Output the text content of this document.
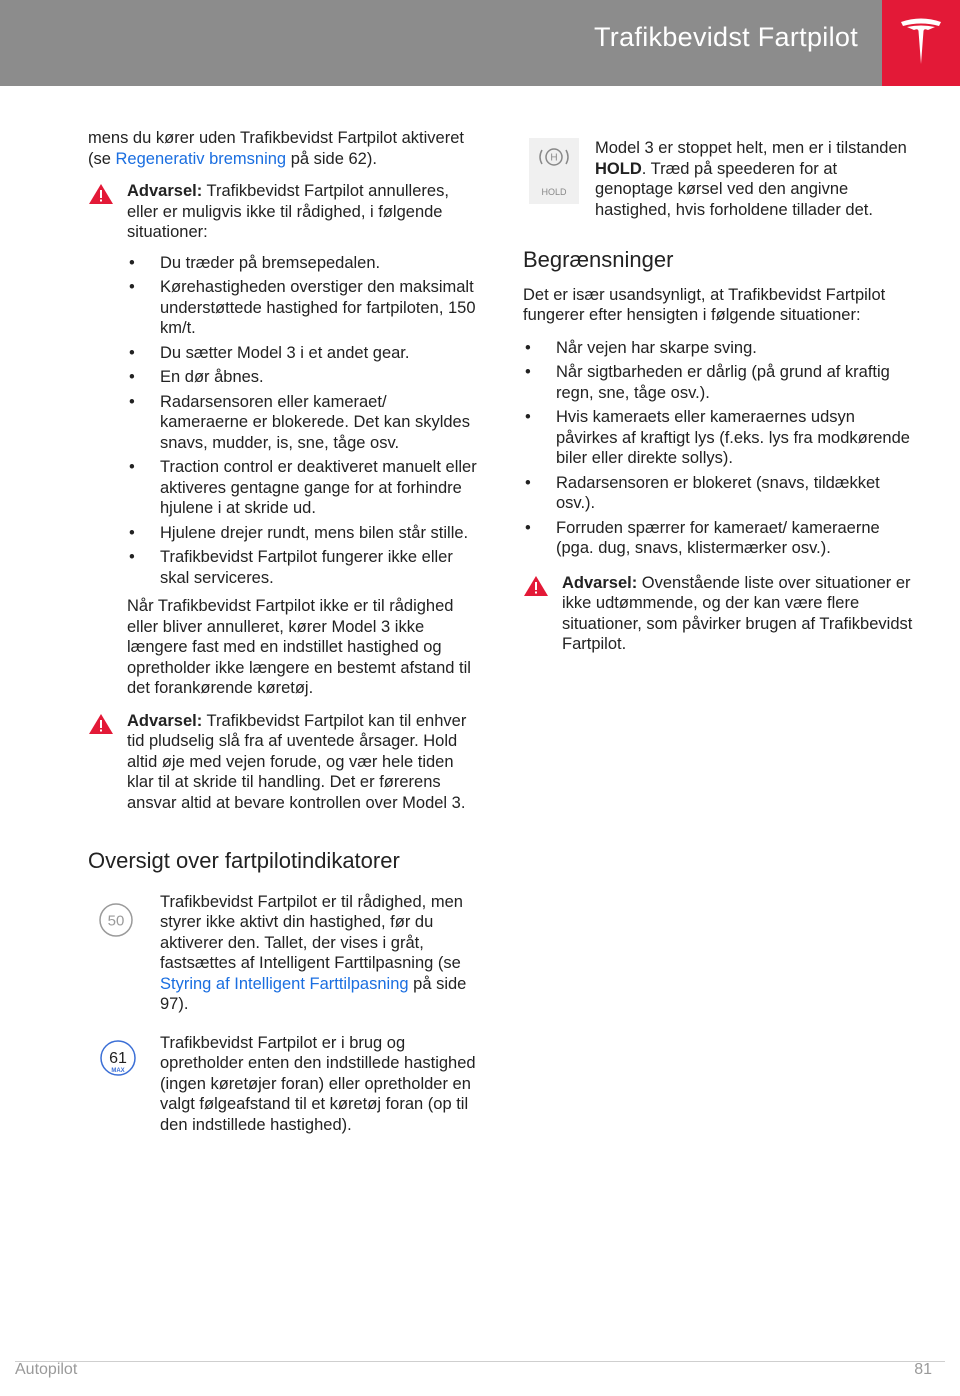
Trafikbevidst Fartpilot

mens du kører uden Trafikbevidst Fartpilot aktiveret (se Regenerativ bremsning på side 62).

Advarsel: Trafikbevidst Fartpilot annulleres, eller er muligvis ikke til rådighed, i følgende situationer:
• Du træder på bremsepedalen.
• Kørehastigheden overstiger den maksimalt understøttede hastighed for fartpiloten, 150 km/t.
• Du sætter Model 3 i et andet gear.
• En dør åbnes.
• Radarsensoren eller kameraet/ kameraerne er blokerede. Det kan skyldes snavs, mudder, is, sne, tåge osv.
• Traction control er deaktiveret manuelt eller aktiveres gentagne gange for at forhindre hjulene i at skride ud.
• Hjulene drejer rundt, mens bilen står stille.
• Trafikbevidst Fartpilot fungerer ikke eller skal serviceres.

Når Trafikbevidst Fartpilot ikke er til rådighed eller bliver annulleret, kører Model 3 ikke længere fast med en indstillet hastighed og opretholder ikke længere en bestemt afstand til det forankørende køretøj.

Advarsel: Trafikbevidst Fartpilot kan til enhver tid pludselig slå fra af uventede årsager. Hold altid øje med vejen forude, og vær hele tiden klar til at skride til handling. Det er førerens ansvar altid at bevare kontrollen over Model 3.
Oversigt over fartpilotindikatorer
50
Trafikbevidst Fartpilot er til rådighed, men styrer ikke aktivt din hastighed, før du aktiverer den. Tallet, der vises i gråt, fastsættes af Intelligent Farttilpasning (se Styring af Intelligent Farttilpasning på side 97).
61
MAX
Trafikbevidst Fartpilot er i brug og opretholder enten den indstillede hastighed (ingen køretøjer foran) eller opretholder en valgt følgeafstand til et køretøj foran (op til den indstillede hastighed).
H
HOLD
Model 3 er stoppet helt, men er i tilstanden HOLD. Træd på speederen for at genoptage kørsel ved den angivne hastighed, hvis forholdene tillader det.
Begrænsninger

Det er især usandsynligt, at Trafikbevidst Fartpilot fungerer efter hensigten i følgende situationer:

• Når vejen har skarpe sving.
• Når sigtbarheden er dårlig (på grund af kraftig regn, sne, tåge osv.).
• Hvis kameraets eller kameraernes udsyn påvirkes af kraftigt lys (f.eks. lys fra modkørende biler eller direkte sollys).
• Radarsensoren er blokeret (snavs, tildækket osv.).
• Forruden spærrer for kameraet/ kameraerne (pga. dug, snavs, klistermærker osv.).
Advarsel: Ovenstående liste over situationer er ikke udtømmende, og der kan være flere situationer, som påvirker brugen af Trafikbevidst Fartpilot.
Autopilot	81
